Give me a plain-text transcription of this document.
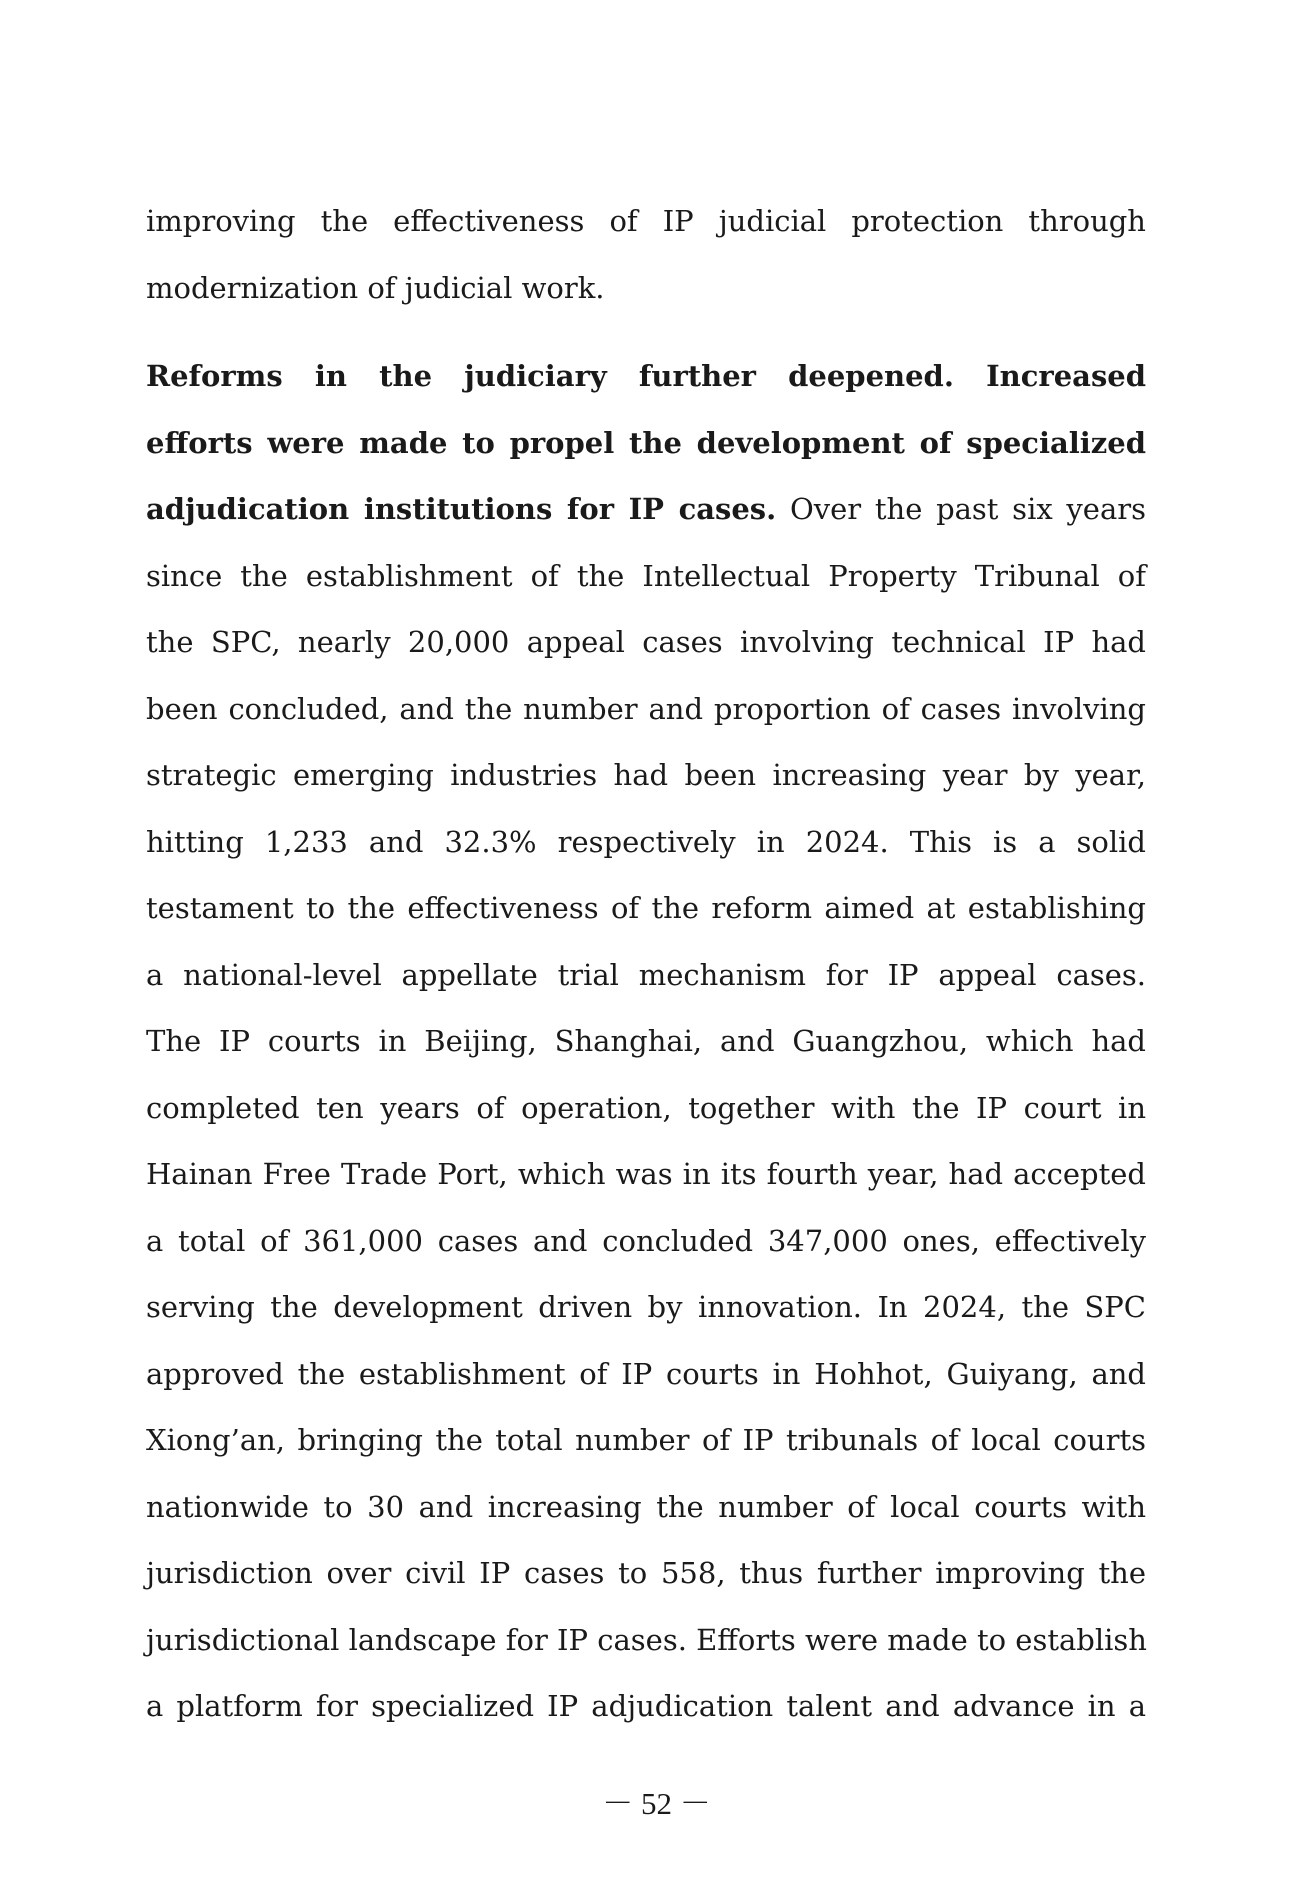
improving the effectiveness of IP judicial protection through
modernization of judicial work.
Reforms in the judiciary further deepened. Increased
efforts were made to propel the development of specialized
adjudication institutions for IP cases. Over the past six years
since the establishment of the Intellectual Property Tribunal of
the SPC, nearly 20,000 appeal cases involving technical IP had
been concluded, and the number and proportion of cases involving
strategic emerging industries had been increasing year by year,
hitting 1,233 and 32.3% respectively in 2024. This is a solid
testament to the effectiveness of the reform aimed at establishing
a national-level appellate trial mechanism for IP appeal cases.
The IP courts in Beijing, Shanghai, and Guangzhou, which had
completed ten years of operation, together with the IP court in
Hainan Free Trade Port, which was in its fourth year, had accepted
a total of 361,000 cases and concluded 347,000 ones, effectively
serving the development driven by innovation. In 2024, the SPC
approved the establishment of IP courts in Hohhot, Guiyang, and
Xiong’an, bringing the total number of IP tribunals of local courts
nationwide to 30 and increasing the number of local courts with
jurisdiction over civil IP cases to 558, thus further improving the
jurisdictional landscape for IP cases. Efforts were made to establish
a platform for specialized IP adjudication talent and advance in a
－ 52 －
